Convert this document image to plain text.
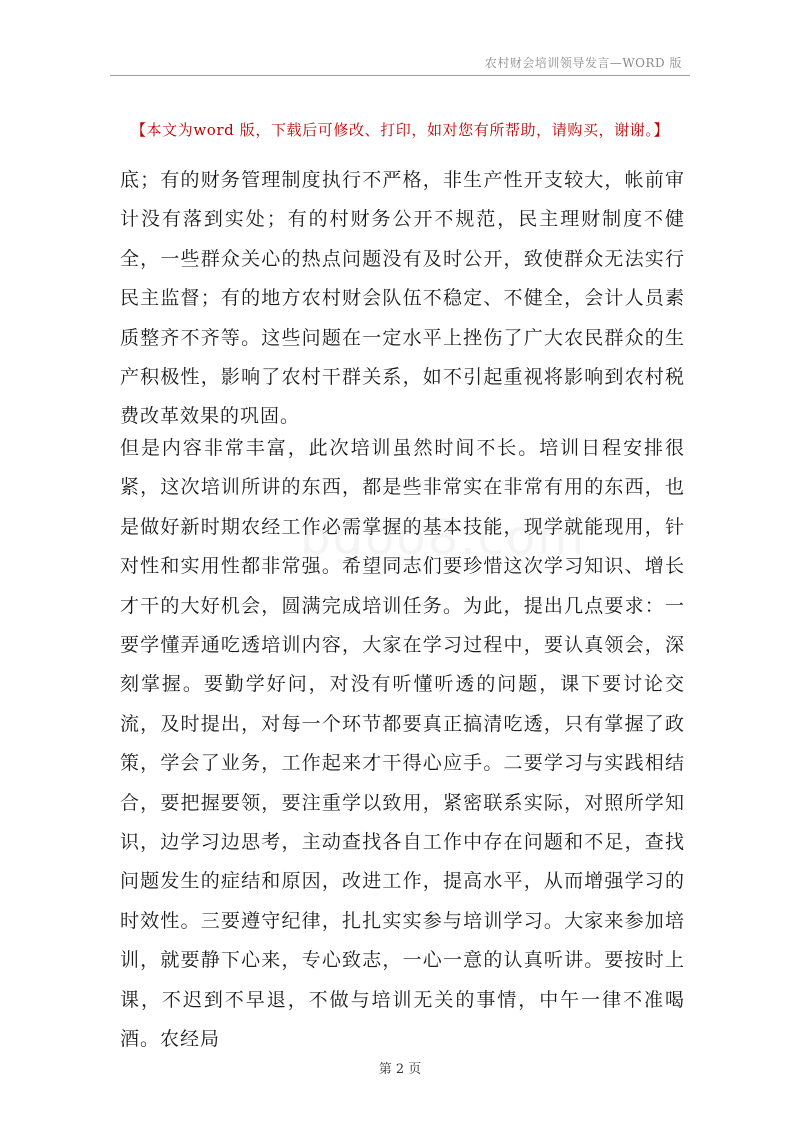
农村财会培训领导发言—WORD 版
【本文为word 版，下载后可修改、打印，如对您有所帮助，请购买，谢谢。】

底；有的财务管理制度执行不严格，非生产性开支较大，帐前审计没有落到实处；有的村财务公开不规范，民主理财制度不健全，一些群众关心的热点问题没有及时公开，致使群众无法实行民主监督；有的地方农村财会队伍不稳定、不健全，会计人员素质整齐不齐等。这些问题在一定水平上挫伤了广大农民群众的生产积极性，影响了农村干群关系，如不引起重视将影响到农村税费改革效果的巩固。

但是内容非常丰富，此次培训虽然时间不长。培训日程安排很紧，这次培训所讲的东西，都是些非常实在非常有用的东西，也是做好新时期农经工作必需掌握的基本技能，现学就能现用，针对性和实用性都非常强。希望同志们要珍惜这次学习知识、增长才干的大好机会，圆满完成培训任务。为此，提出几点要求：一要学懂弄通吃透培训内容，大家在学习过程中，要认真领会，深刻掌握。要勤学好问，对没有听懂听透的问题，课下要讨论交流，及时提出，对每一个环节都要真正搞清吃透，只有掌握了政策，学会了业务，工作起来才干得心应手。二要学习与实践相结合，要把握要领，要注重学以致用，紧密联系实际，对照所学知识，边学习边思考，主动查找各自工作中存在问题和不足，查找问题发生的症结和原因，改进工作，提高水平，从而增强学习的时效性。三要遵守纪律，扎扎实实参与培训学习。大家来参加培训，就要静下心来，专心致志，一心一意的认真听讲。要按时上课，不迟到不早退，不做与培训无关的事情，中午一律不准喝酒。农经局

第 2 页
